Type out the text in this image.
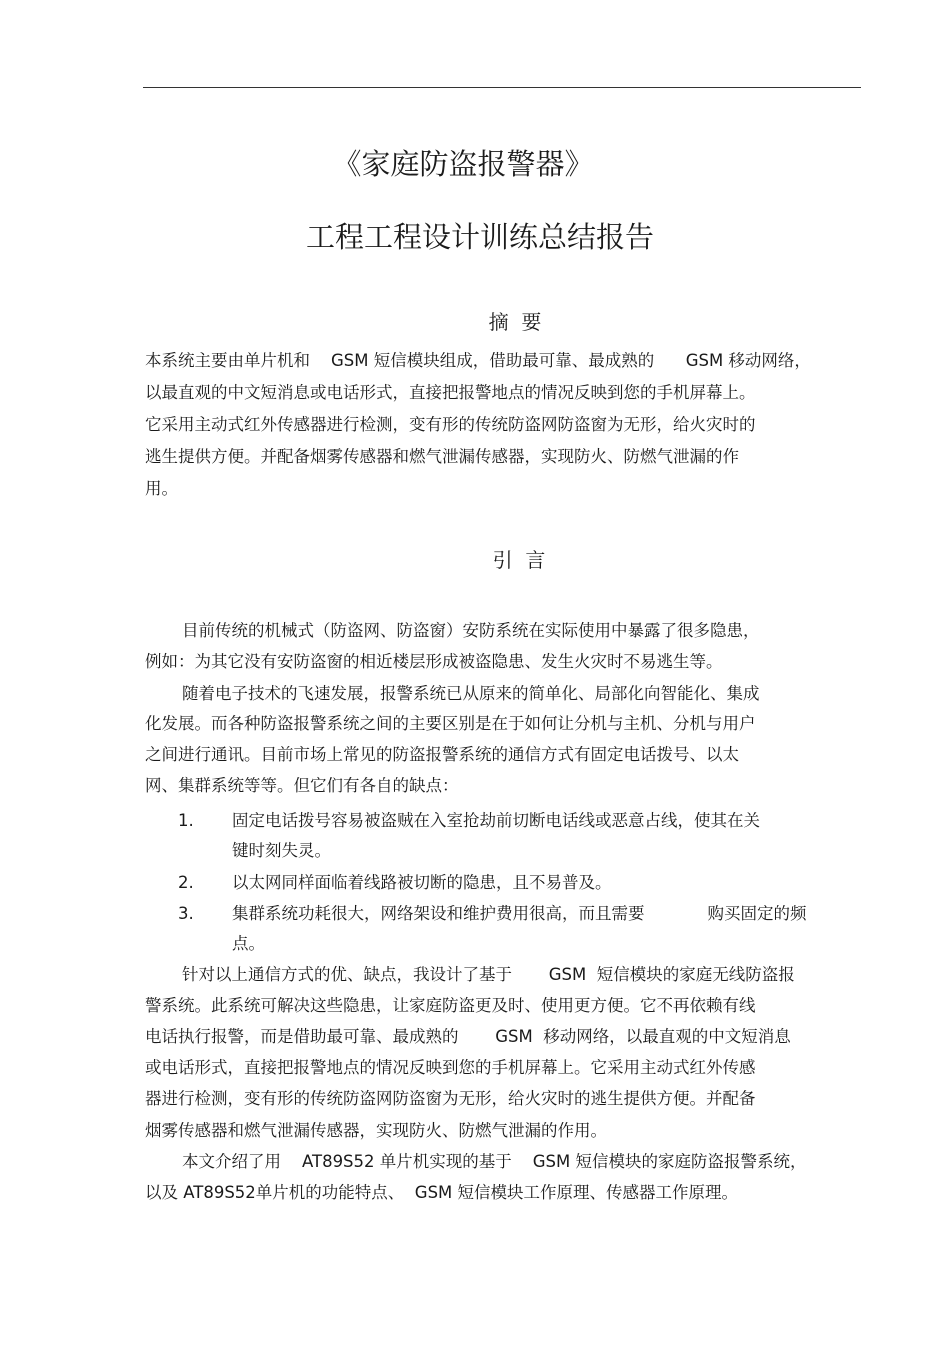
《家庭防盗报警器》
工程工程设计训练总结报告
摘  要
本系统主要由单片机和    GSM 短信模块组成，借助最可靠、最成熟的      GSM 移动网络，
以最直观的中文短消息或电话形式，直接把报警地点的情况反映到您的手机屏幕上。
它采用主动式红外传感器进行检测，变有形的传统防盗网防盗窗为无形，给火灾时的
逃生提供方便。并配备烟雾传感器和燃气泄漏传感器，实现防火、防燃气泄漏的作
用。
引  言
目前传统的机械式（防盗网、防盗窗）安防系统在实际使用中暴露了很多隐患，
例如：为其它没有安防盗窗的相近楼层形成被盗隐患、发生火灾时不易逃生等。
随着电子技术的飞速发展，报警系统已从原来的简单化、局部化向智能化、集成
化发展。而各种防盗报警系统之间的主要区别是在于如何让分机与主机、分机与用户
之间进行通讯。目前市场上常见的防盗报警系统的通信方式有固定电话拨号、以太
网、集群系统等等。但它们有各自的缺点：
1. 固定电话拨号容易被盗贼在入室抢劫前切断电话线或恶意占线，使其在关
键时刻失灵。
2. 以太网同样面临着线路被切断的隐患，且不易普及。
3. 集群系统功耗很大，网络架设和维护费用很高，而且需要            购买固定的频
点。
针对以上通信方式的优、缺点，我设计了基于       GSM  短信模块的家庭无线防盗报
警系统。此系统可解决这些隐患，让家庭防盗更及时、使用更方便。它不再依赖有线
电话执行报警，而是借助最可靠、最成熟的       GSM  移动网络，以最直观的中文短消息
或电话形式，直接把报警地点的情况反映到您的手机屏幕上。它采用主动式红外传感
器进行检测，变有形的传统防盗网防盗窗为无形，给火灾时的逃生提供方便。并配备
烟雾传感器和燃气泄漏传感器，实现防火、防燃气泄漏的作用。
本文介绍了用    AT89S52 单片机实现的基于    GSM 短信模块的家庭防盗报警系统，
以及 AT89S52单片机的功能特点、  GSM 短信模块工作原理、传感器工作原理。
